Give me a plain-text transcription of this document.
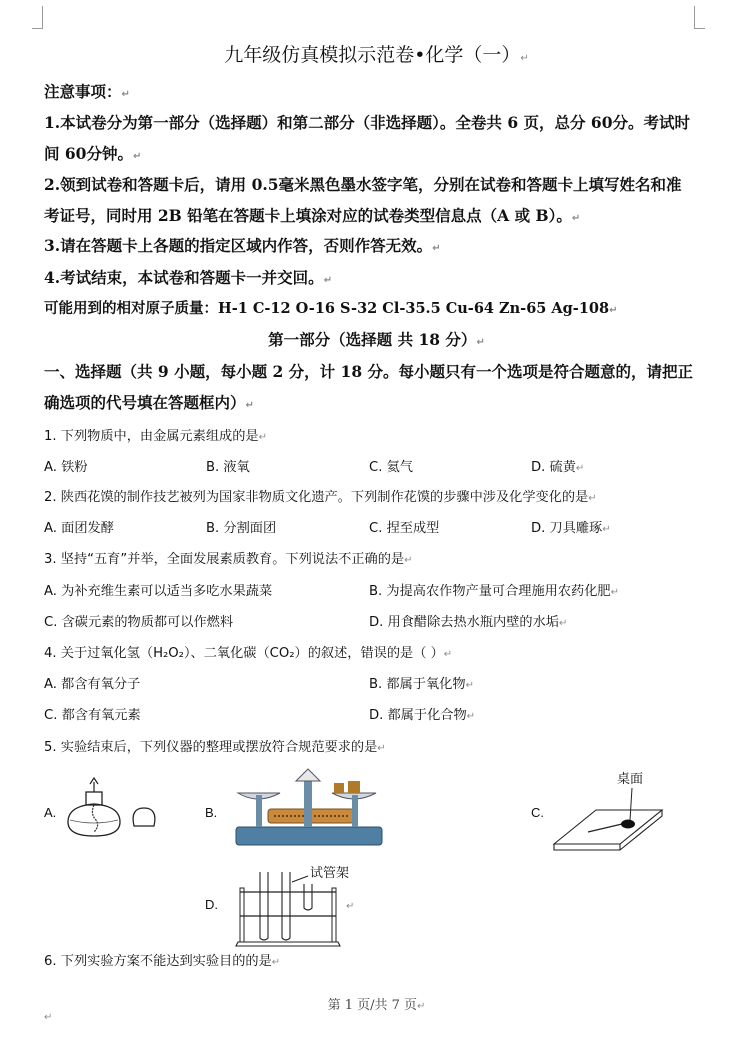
九年级仿真模拟示范卷•化学（一）↵
注意事项：↵
1.本试卷分为第一部分（选择题）和第二部分（非选择题）。全卷共 6 页，总分 60分。考试时
间 60分钟。↵
2.领到试卷和答题卡后，请用 0.5毫米黑色墨水签字笔，分别在试卷和答题卡上填写姓名和准
考证号，同时用 2B 铅笔在答题卡上填涂对应的试卷类型信息点（A 或 B）。↵
3.请在答题卡上各题的指定区域内作答，否则作答无效。↵
4.考试结束，本试卷和答题卡一并交回。↵
可能用到的相对原子质量：H-1 C-12 O-16 S-32 Cl-35.5 Cu-64 Zn-65 Ag-108↵
第一部分（选择题 共 18 分）↵
一、选择题（共 9 小题，每小题 2 分，计 18 分。每小题只有一个选项是符合题意的，请把正
确选项的代号填在答题框内）↵
1. 下列物质中，由金属元素组成的是↵
A. 铁粉	B. 液氧	C. 氦气	D. 硫黄↵
2. 陕西花馍的制作技艺被列为国家非物质文化遗产。下列制作花馍的步骤中涉及化学变化的是↵
A. 面团发酵	B. 分割面团	C. 捏至成型	D. 刀具雕琢↵
3. 坚持“五育”并举，全面发展素质教育。下列说法不正确的是↵
A. 为补充维生素可以适当多吃水果蔬菜	B. 为提高农作物产量可合理施用农药化肥↵
C. 含碳元素的物质都可以作燃料	D. 用食醋除去热水瓶内壁的水垢↵
4. 关于过氧化氢（H₂O₂）、二氧化碳（CO₂）的叙述，错误的是（ ）↵
A. 都含有氧分子	B. 都属于氧化物↵
C. 都含有氧元素	D. 都属于化合物↵
5. 实验结束后，下列仪器的整理或摆放符合规范要求的是↵
A.	B.	C.
桌面
D.	↵
试管架
6. 下列实验方案不能达到实验目的的是↵
第 1 页/共 7 页↵
↵
